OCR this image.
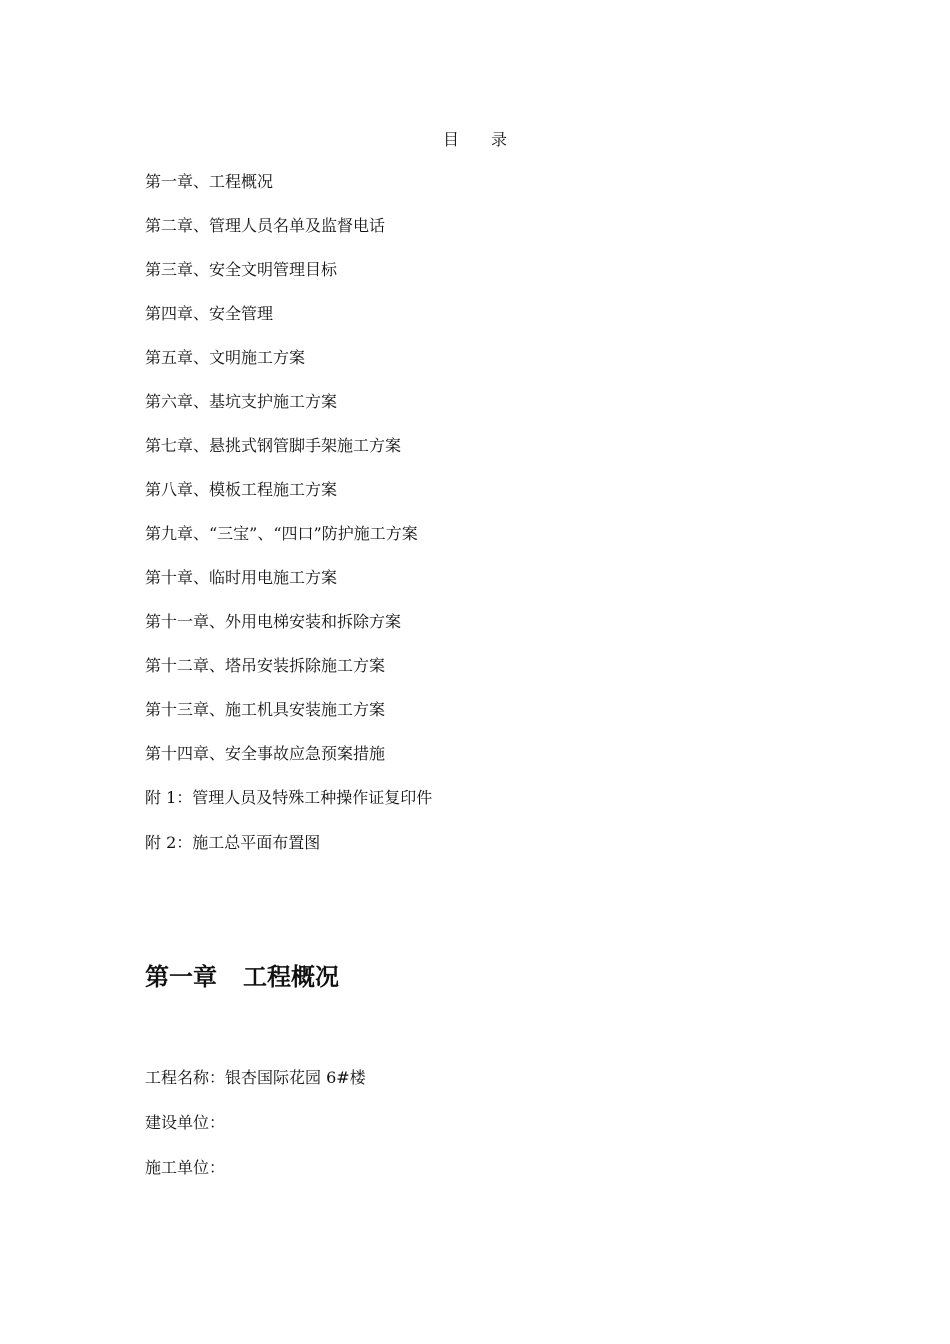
目 录
第一章、工程概况
第二章、管理人员名单及监督电话
第三章、安全文明管理目标
第四章、安全管理
第五章、文明施工方案
第六章、基坑支护施工方案
第七章、悬挑式钢管脚手架施工方案
第八章、模板工程施工方案
第九章、“三宝”、“四口”防护施工方案
第十章、临时用电施工方案
第十一章、外用电梯安装和拆除方案
第十二章、塔吊安装拆除施工方案
第十三章、施工机具安装施工方案
第十四章、安全事故应急预案措施
附 1：管理人员及特殊工种操作证复印件
附 2：施工总平面布置图
第一章 工程概况
工程名称：银杏国际花园 6#楼
建设单位：
施工单位：
